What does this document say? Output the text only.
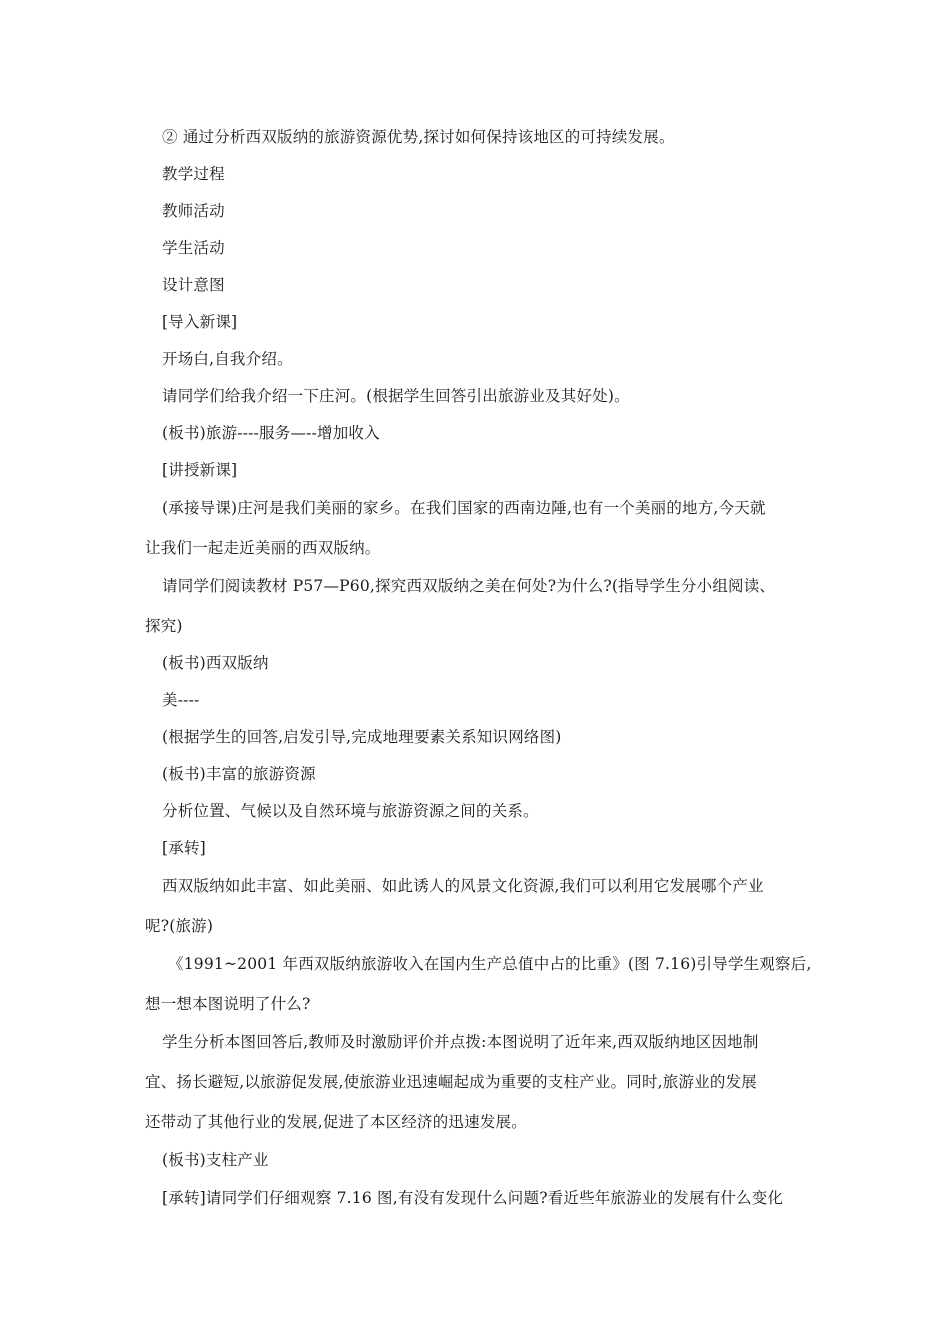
② 通过分析西双版纳的旅游资源优势,探讨如何保持该地区的可持续发展。
教学过程
教师活动
学生活动
设计意图
[导入新课]
开场白,自我介绍。
请同学们给我介绍一下庄河。(根据学生回答引出旅游业及其好处)。
(板书)旅游----服务—--增加收入
[讲授新课]
(承接导课)庄河是我们美丽的家乡。在我们国家的西南边陲,也有一个美丽的地方,今天就
让我们一起走近美丽的西双版纳。
请同学们阅读教材 P57—P60,探究西双版纳之美在何处?为什么?(指导学生分小组阅读、
探究)
(板书)西双版纳
美----
(根据学生的回答,启发引导,完成地理要素关系知识网络图)
(板书)丰富的旅游资源
分析位置、气候以及自然环境与旅游资源之间的关系。
[承转]
西双版纳如此丰富、如此美丽、如此诱人的风景文化资源,我们可以利用它发展哪个产业
呢?(旅游)
《1991~2001 年西双版纳旅游收入在国内生产总值中占的比重》(图 7.16)引导学生观察后,
想一想本图说明了什么?
学生分析本图回答后,教师及时激励评价并点拨:本图说明了近年来,西双版纳地区因地制
宜、扬长避短,以旅游促发展,使旅游业迅速崛起成为重要的支柱产业。同时,旅游业的发展
还带动了其他行业的发展,促进了本区经济的迅速发展。
(板书)支柱产业
[承转]请同学们仔细观察 7.16 图,有没有发现什么问题?看近些年旅游业的发展有什么变化
